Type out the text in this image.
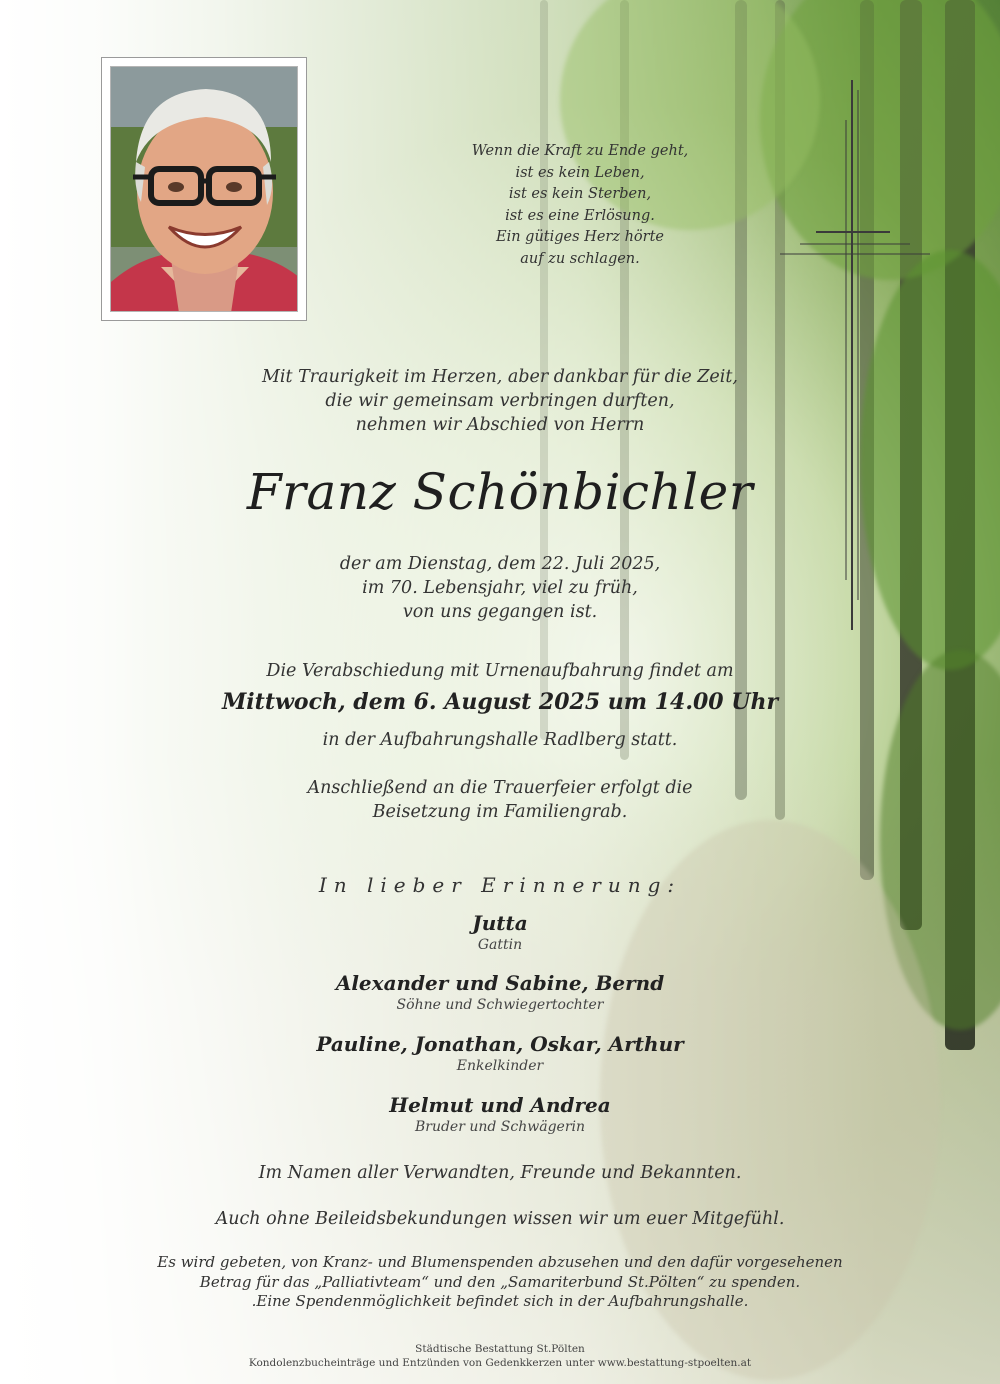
Wenn die Kraft zu Ende geht,
ist es kein Leben,
ist es kein Sterben,
ist es eine Erlösung.
Ein gütiges Herz hörte
auf zu schlagen.
Mit Traurigkeit im Herzen, aber dankbar für die Zeit,
die wir gemeinsam verbringen durften,
nehmen wir Abschied von Herrn
Franz Schönbichler
der am Dienstag, dem 22. Juli 2025,
im 70. Lebensjahr, viel zu früh,
von uns gegangen ist.
Die Verabschiedung mit Urnenaufbahrung findet am
Mittwoch, dem 6. August 2025 um 14.00 Uhr
in der Aufbahrungshalle Radlberg statt.
Anschließend an die Trauerfeier erfolgt die
Beisetzung im Familiengrab.
In lieber Erinnerung:
Jutta
Gattin
Alexander und Sabine, Bernd
Söhne und Schwiegertochter
Pauline, Jonathan, Oskar, Arthur
Enkelkinder
Helmut und Andrea
Bruder und Schwägerin
Im Namen aller Verwandten, Freunde und Bekannten.
Auch ohne Beileidsbekundungen wissen wir um euer Mitgefühl.
Es wird gebeten, von Kranz- und Blumenspenden abzusehen und den dafür vorgesehenen
Betrag für das „Palliativteam“ und den „Samariterbund St.Pölten“ zu spenden.
.Eine Spendenmöglichkeit befindet sich in der Aufbahrungshalle.
Städtische Bestattung St.Pölten
Kondolenzbucheinträge und Entzünden von Gedenkkerzen unter www.bestattung-stpoelten.at
